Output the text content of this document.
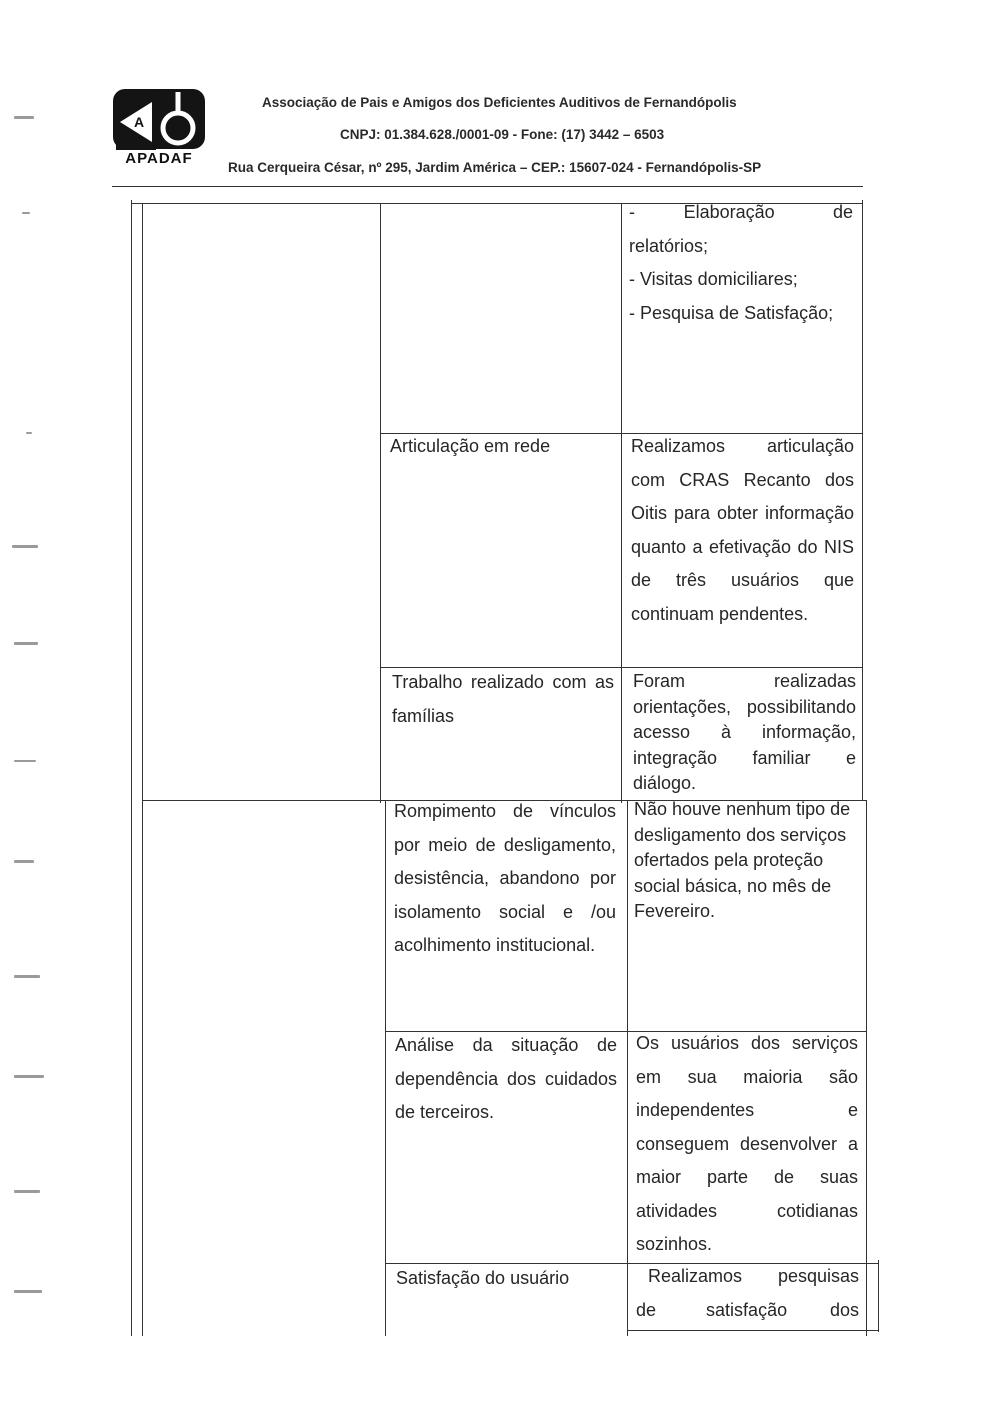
A
APADAF
Associação de Pais e Amigos dos Deficientes Auditivos de Fernandópolis
CNPJ: 01.384.628./0001-09 - Fone: (17) 3442 – 6503
Rua Cerqueira César, nº 295, Jardim América – CEP.: 15607-024 - Fernandópolis-SP
-     Elaboração      de
relatórios;
- Visitas domiciliares;
- Pesquisa de Satisfação;
Articulação em rede	Realizamos articulação com CRAS Recanto dos Oitis para obter informação quanto a efetivação do NIS de três usuários que continuam pendentes.
Trabalho realizado com as famílias
Foram realizadas orientações, possibilitando acesso à informação, integração familiar e diálogo.
Rompimento de vínculos por meio de desligamento, desistência, abandono por isolamento social e /ou acolhimento institucional.
Não houve nenhum tipo de desligamento dos serviços ofertados pela proteção social básica, no mês de Fevereiro.
Análise da situação de dependência dos cuidados de terceiros.
Os usuários dos serviços em sua maioria são independentes e conseguem desenvolver a maior parte de suas atividades cotidianas sozinhos.
Satisfação do usuário	Realizamos   pesquisas
de       satisfação      dos
